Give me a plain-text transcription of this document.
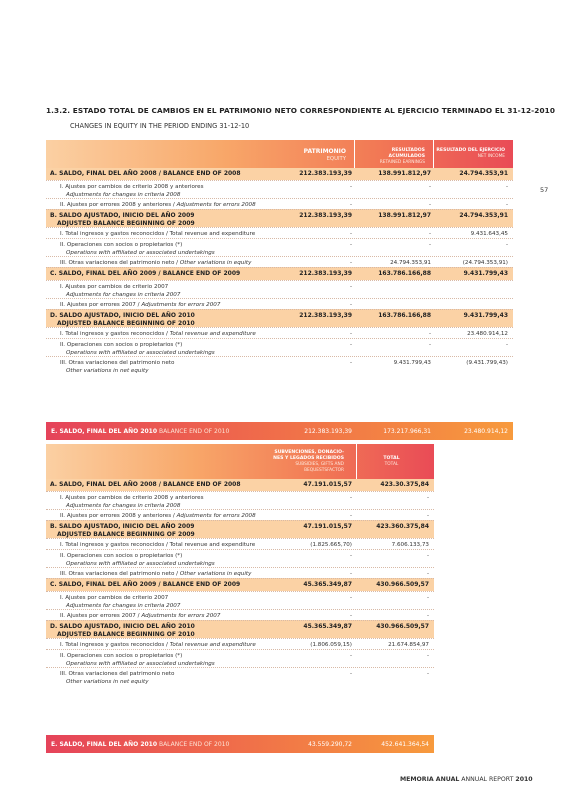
1.3.2. ESTADO TOTAL DE CAMBIOS EN EL PATRIMONIO NETO CORRESPONDIENTE AL EJERCICIO TERMINADO EL 31-12-2010
CHANGES IN EQUITY IN THE PERIOD ENDING 31-12-10
57
PATRIMONIO
EQUITY
RESULTADOS ACUMULADOS
RETAINED EARNINGS
RESULTADO DEL EJERCICIO
NET INCOME
A. SALDO, FINAL DEL AÑO 2008 / BALANCE END OF 2008	212.383.193,39	138.991.812,97	24.794.353,91
I. Ajustes por cambios de criterio 2008 y anteriores
Adjustments for changes in criteria 2008
-	-	-
II. Ajustes por errores 2008 y anteriores / Adjustments for errors 2008	-	-	-
B. SALDO AJUSTADO, INICIO DEL AÑO 2009
ADJUSTED BALANCE BEGINNING OF 2009
212.383.193,39	138.991.812,97	24.794.353,91
I. Total ingresos y gastos reconocidos / Total revenue and expenditure	-	-	9.431.643,45
II. Operaciones con socios o propietarios (*)
Operations with affiliated or associated undertakings
-	-	-
III. Otras variaciones del patrimonio neto / Other variations in equity	-	24.794.353,91	(24.794.353,91)
C. SALDO, FINAL DEL AÑO 2009 / BALANCE END OF 2009	212.383.193,39	163.786.166,88	9.431.799,43
I. Ajustes por cambios de criterio 2007
Adjustments for changes in criteria 2007
-
II. Ajustes por errores 2007 / Adjustments for errors 2007	-
D. SALDO AJUSTADO, INICIO DEL AÑO 2010
ADJUSTED BALANCE BEGINNING OF 2010
212.383.193,39	163.786.166,88	9.431.799,43
I. Total ingresos y gastos reconocidos / Total revenue and expenditure	-	-	23.480.914,12
II. Operaciones con socios o propietarios (*)
Operations with affiliated or associated undertakings
-	-	-
III. Otras variaciones del patrimonio neto
Other variations in net equity
-	9.431.799,43	(9.431.799,43)
E. SALDO, FINAL DEL AÑO 2010 BALANCE END OF 2010	212.383.193,39	173.217.966,31	23.480.914,12
SUBVENCIONES, DONACIO-
NES Y LEGADOS RECIBIDOS
SUBSIDIES, GIFTS AND
BEQUESTSFACTOR
TOTAL
TOTAL
A. SALDO, FINAL DEL AÑO 2008 / BALANCE END OF 2008	47.191.015,57	423.30.375,84
I. Ajustes por cambios de criterio 2008 y anteriores
Adjustments for changes in criteria 2008
-	-
II. Ajustes por errores 2008 y anteriores / Adjustments for errors 2008	-	-
B. SALDO AJUSTADO, INICIO DEL AÑO 2009
ADJUSTED BALANCE BEGINNING OF 2009
47.191.015,57	423.360.375,84
I. Total ingresos y gastos reconocidos / Total revenue and expenditure	(1.825.665,70)	7.606.133,73
II. Operaciones con socios o propietarios (*)
Operations with affiliated or associated undertakings
-	-
III. Otras variaciones del patrimonio neto / Other variations in equity	-	-
C. SALDO, FINAL DEL AÑO 2009 / BALANCE END OF 2009	45.365.349,87	430.966.509,57
I. Ajustes por cambios de criterio 2007
Adjustments for changes in criteria 2007
-	-
II. Ajustes por errores 2007 / Adjustments for errors 2007	-	-
D. SALDO AJUSTADO, INICIO DEL AÑO 2010
ADJUSTED BALANCE BEGINNING OF 2010
45.365.349,87	430.966.509,57
I. Total ingresos y gastos reconocidos / Total revenue and expenditure	(1.806.059,15)	21.674.854,97
II. Operaciones con socios o propietarios (*)
Operations with affiliated or associated undertakings
-	-
III. Otras variaciones del patrimonio neto
Other variations in net equity
-	-
E. SALDO, FINAL DEL AÑO 2010 BALANCE END OF 2010	43.559.290,72	452.641.364,54
MEMORIA ANUAL ANNUAL REPORT 2010
